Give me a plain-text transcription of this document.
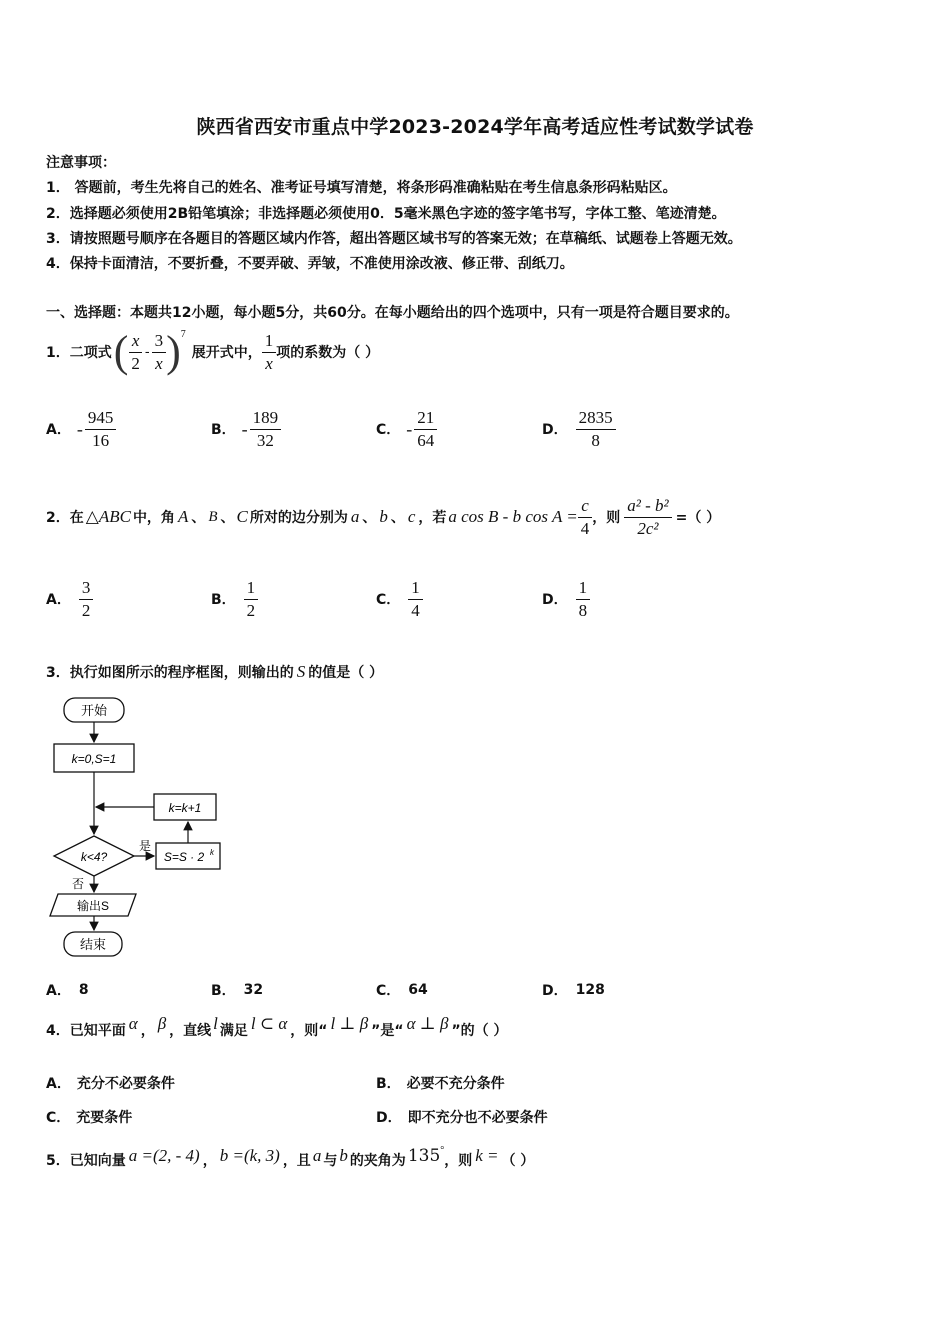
陕西省西安市重点中学2023-2024学年高考适应性考试数学试卷
注意事项：
1． 答题前，考生先将自己的姓名、准考证号填写清楚，将条形码准确粘贴在考生信息条形码粘贴区。
2．选择题必须使用2B铅笔填涂；非选择题必须使用0．5毫米黑色字迹的签字笔书写，字体工整、笔迹清楚。
3．请按照题号顺序在各题目的答题区域内作答，超出答题区域书写的答案无效；在草稿纸、试题卷上答题无效。
4．保持卡面清洁，不要折叠，不要弄破、弄皱，不准使用涂改液、修正带、刮纸刀。
一、选择题：本题共12小题，每小题5分，共60分。在每小题给出的四个选项中，只有一项是符合题目要求的。
1．二项式 ( $\frac{x}{2} - \frac{3}{x}$ ) 7
展开式中， $\frac{1}{x}$ 项的系数为（ ）
A． - $\frac{945}{16}$	B． - $\frac{189}{32}$	C． - $\frac{21}{64}$	D． $\frac{2835}{8}$
2．在 △ABC 中，角 A 、 B 、 C 所对的边分别为 a 、 b 、 c ，若 a cos B - b $\cos A = \frac{c}{4}$ ，则 $\frac{\text{a² - b²}}{\text{2c²}}$ =（ ）
A． $\frac{3}{2}$	B． $\frac{1}{2}$	C． $\frac{1}{4}$	D． $\frac{1}{8}$
3．执行如图所示的程序框图，则输出的 S 的值是（ ）
开始
k=0,S=1
k=k+1
k<4?
是
S=S · 2 k
否
输出S
结束
A． 8	B． 32	C． 64	D． 128
4．已知平面 α ， β ，直线 l 满足 l ⊂ α ，则“ l ⊥ β ”是“ α ⊥ β ”的（ ）
A． 充分不必要条件	B． 必要不充分条件
C． 充要条件	D． 即不充分也不必要条件
5．已知向量 a =(2, - 4) ， b =(k, 3) ，且 a 与 b 的夹角为 135 °
，则 k = （ ）
